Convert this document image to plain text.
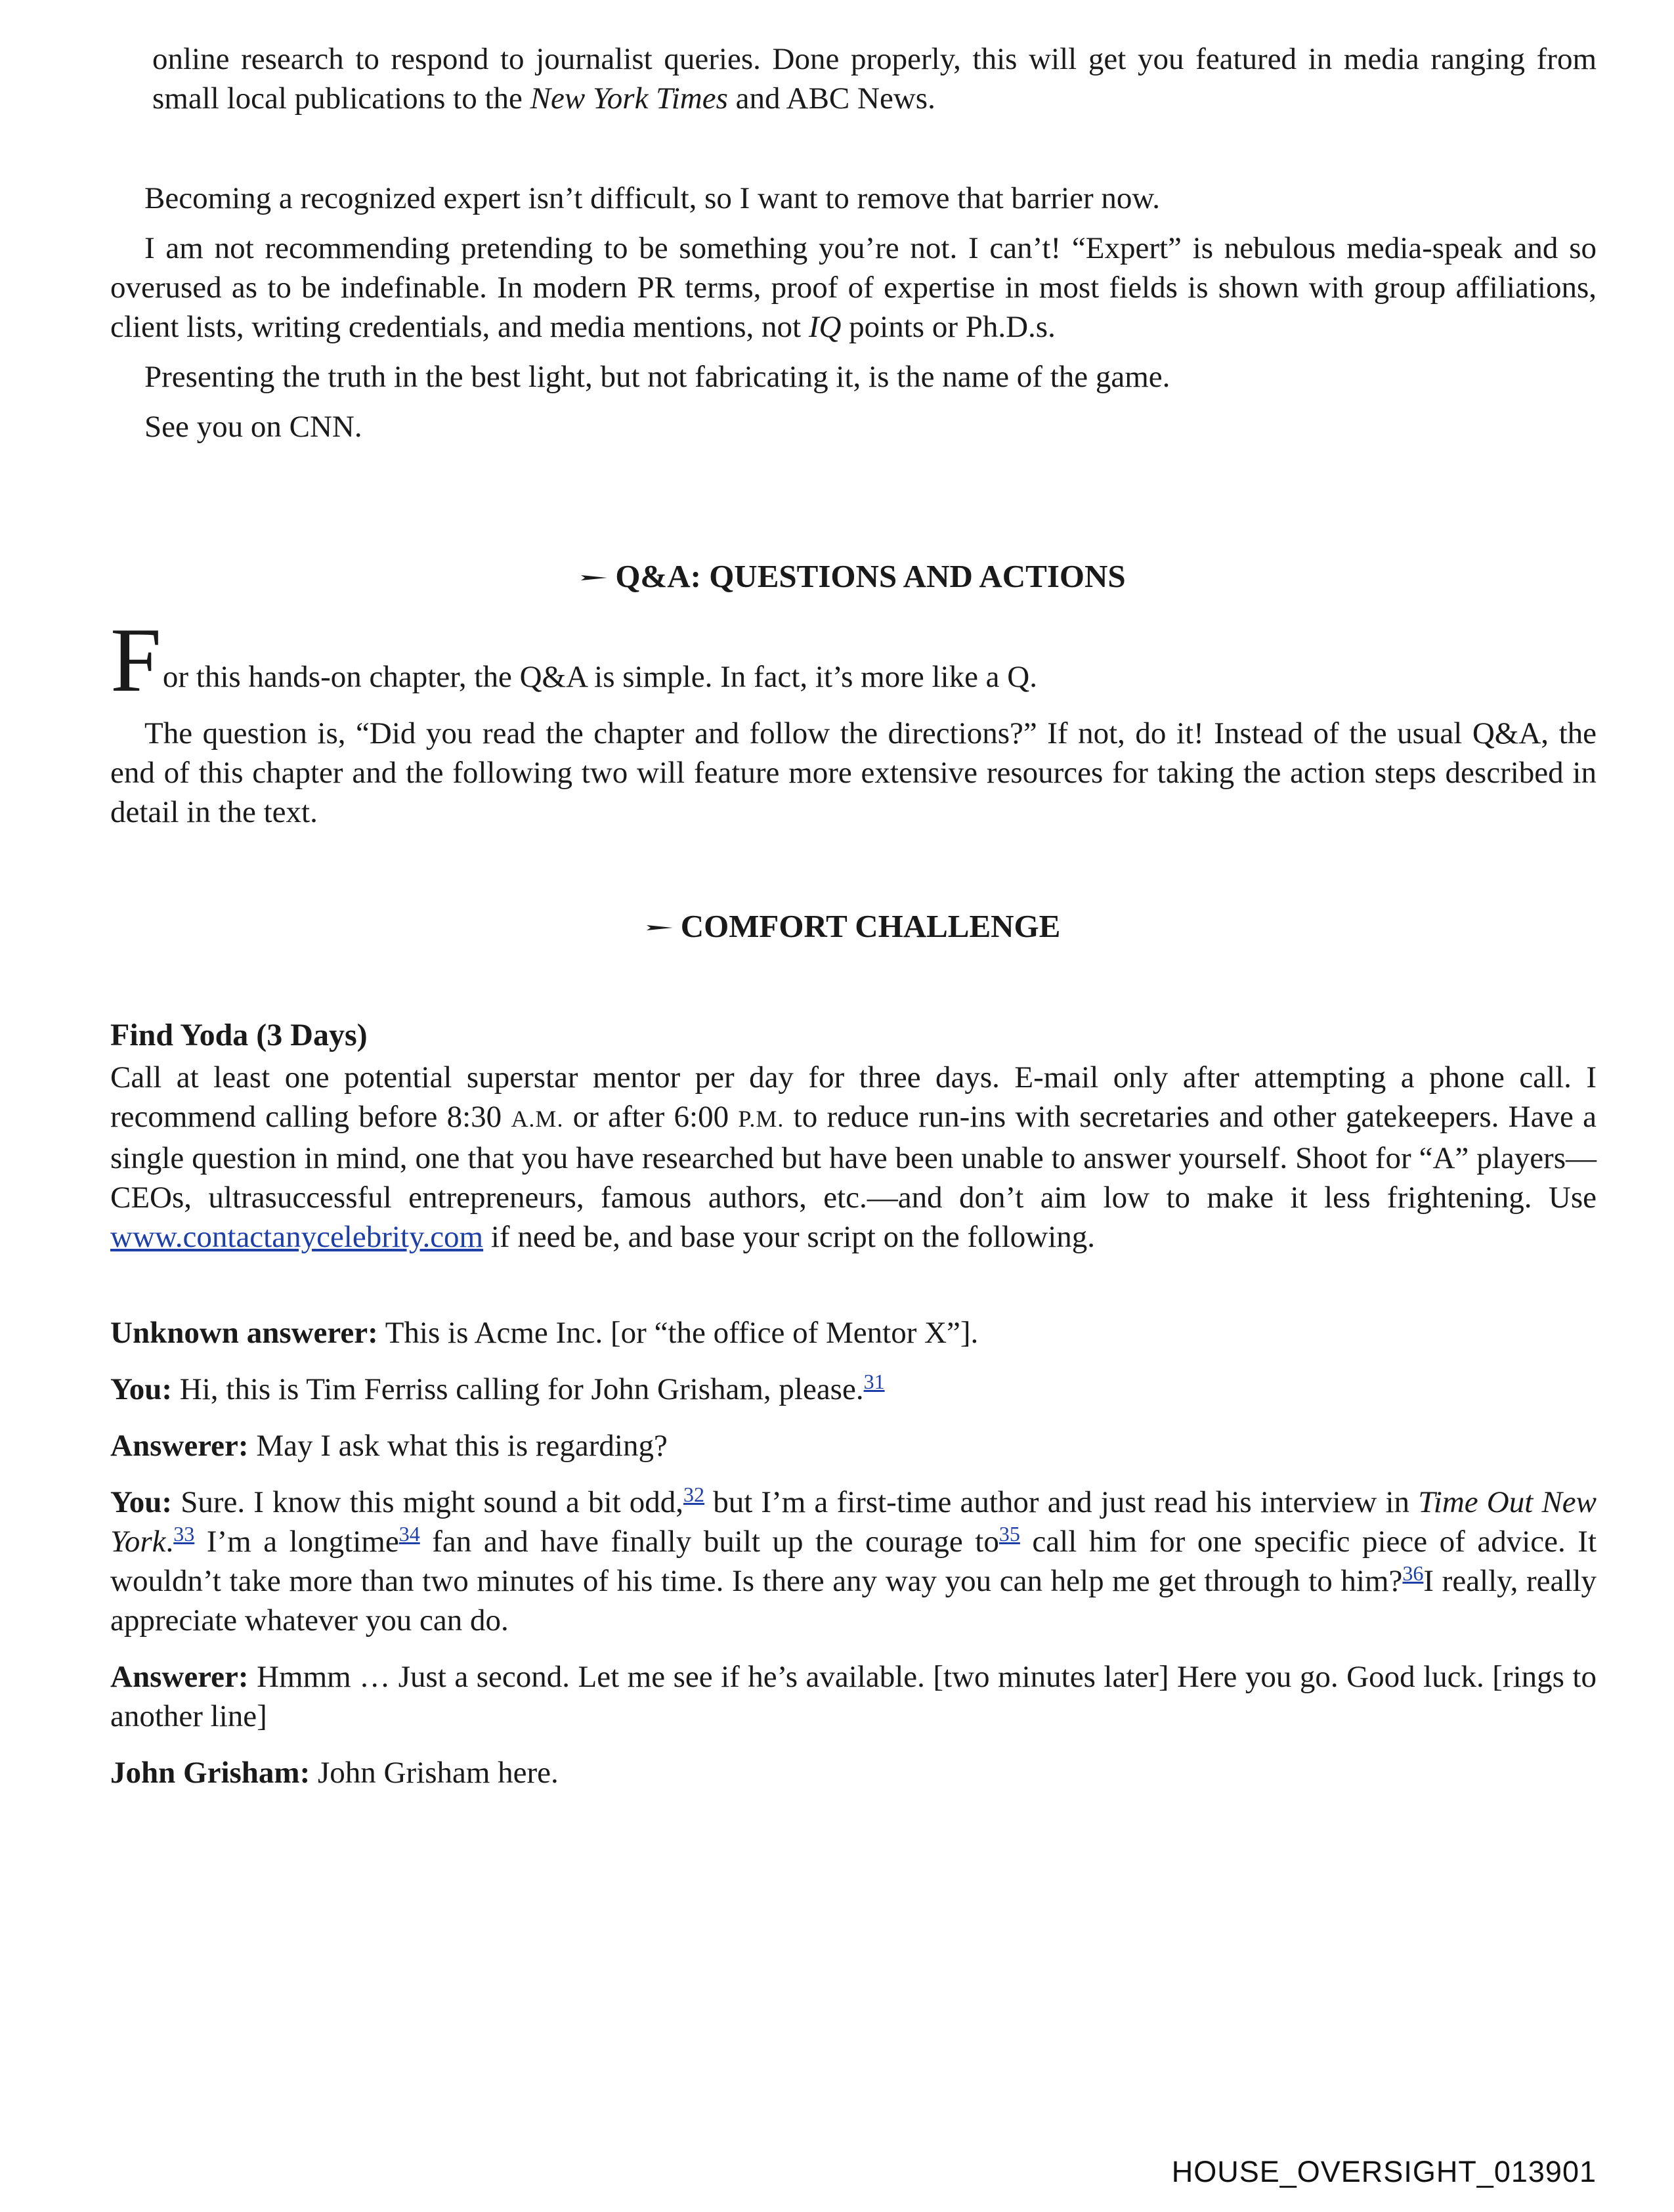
online research to respond to journalist queries. Done properly, this will get you featured in media ranging from small local publications to the New York Times and ABC News.

Becoming a recognized expert isn’t difficult, so I want to remove that barrier now.

I am not recommending pretending to be something you’re not. I can’t! “Expert” is nebulous media-speak and so overused as to be indefinable. In modern PR terms, proof of expertise in most fields is shown with group affiliations, client lists, writing credentials, and media mentions, not IQ points or Ph.D.s.

Presenting the truth in the best light, but not fabricating it, is the name of the game.

See you on CNN.

Q&A: QUESTIONS AND ACTIONS

For this hands-on chapter, the Q&A is simple. In fact, it’s more like a Q.

The question is, “Did you read the chapter and follow the directions?” If not, do it! Instead of the usual Q&A, the end of this chapter and the following two will feature more extensive resources for taking the action steps described in detail in the text.

COMFORT CHALLENGE

Find Yoda (3 Days)

Call at least one potential superstar mentor per day for three days. E-mail only after attempting a phone call. I recommend calling before 8:30 A.M. or after 6:00 P.M. to reduce run-ins with secretaries and other gatekeepers. Have a single question in mind, one that you have researched but have been unable to answer yourself. Shoot for “A” players—CEOs, ultrasuccessful entrepreneurs, famous authors, etc.—and don’t aim low to make it less frightening. Use www.contactanycelebrity.com if need be, and base your script on the following.

Unknown answerer: This is Acme Inc. [or “the office of Mentor X”].

You: Hi, this is Tim Ferriss calling for John Grisham, please.$^{31}$

Answerer: May I ask what this is regarding?

You: Sure. I know this might sound a bit odd,$^{32}$ but I’m a first-time author and just read his interview in Time Out New York.$^{33}$ I’m a longtime$^{34}$ fan and have finally built up the courage to$^{35}$ call him for one specific piece of advice. It wouldn’t take more than two minutes of his time. Is there any way you can help me get through to him?$^{36}$I really, really appreciate whatever you can do.

Answerer: Hmmm … Just a second. Let me see if he’s available. [two minutes later] Here you go. Good luck. [rings to another line]

John Grisham: John Grisham here.

HOUSE_OVERSIGHT_013901
